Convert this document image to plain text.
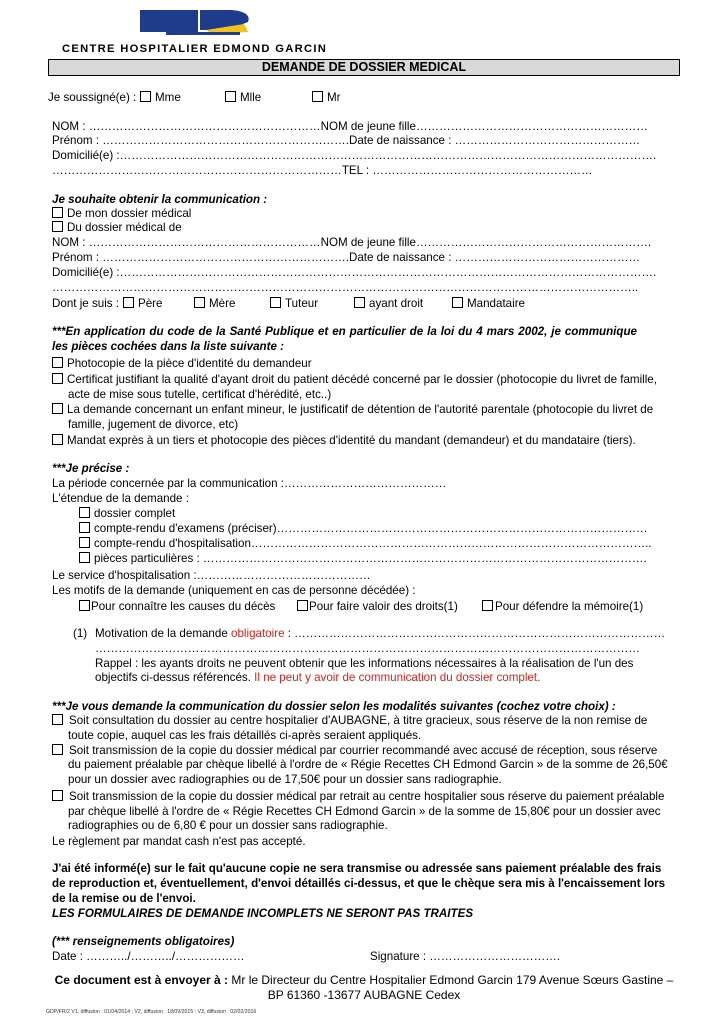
CENTRE HOSPITALIER EDMOND GARCIN
DEMANDE DE DOSSIER MEDICAL
Je soussigné(e) :	Mme	Mlle	Mr
NOM : ……………………………………………………NOM de jeune fille……………………………………………………
Prénom : ……………………………………………………….Date de naissance : …………………………………………
Domicilié(e) :………………………………………………………………………………………………………………………….
…………………………………………………………………TEL : …………………………………………………
Je souhaite obtenir la communication :
De mon dossier médical
Du dossier médical de
NOM : ……………………………………………………NOM de jeune fille…………………………………………………….
Prénom : ……………………………………………………….Date de naissance : …………………………………………
Domicilié(e) :………………………………………………………………………………………………………………………….
……………………………………………………………………………………………………………………………………..
Dont je suis :	Père	Mère	Tuteur	ayant droit	Mandataire
***En application du code de la Santé Publique et en particulier de la loi du 4 mars 2002, je communique les pièces cochées dans la liste suivante :
Photocopie de la pièce d'identité du demandeur
Certificat justifiant la qualité d'ayant droit du patient décédé concerné par le dossier (photocopie du livret de famille,
acte de mise sous tutelle, certificat d'hérédité, etc..)
La demande concernant un enfant mineur, le justificatif de détention de l'autorité parentale (photocopie du livret de
famille, jugement de divorce, etc)
Mandat exprès à un tiers et photocopie des pièces d'identité du mandant (demandeur) et du mandataire (tiers).
***Je précise :
La période concernée par la communication :……………………………………
L'étendue de la demande :
dossier complet
compte-rendu d'examens (préciser)……………………………………………………………………………………
compte-rendu d'hospitalisation…………………………………………………………………………………………..
pièces particulières : …………………………………………………………………………………………………….
Le service d'hospitalisation :………………………………………
Les motifs de la demande (uniquement en cas de personne décédée) :
Pour connaître les causes du décès	Pour faire valoir des droits(1)	Pour défendre la mémoire(1)
(1) Motivation de la demande obligatoire : ……………………………………………………………………………………
……………………………………………………………………………………………………………………………
Rappel : les ayants droits ne peuvent obtenir que les informations nécessaires à la réalisation de l'un des
objectifs ci-dessus référencés. Il ne peut y avoir de communication du dossier complet.
***Je vous demande la communication du dossier selon les modalités suivantes (cochez votre choix) :
Soit consultation du dossier au centre hospitalier d'AUBAGNE, à titre gracieux, sous réserve de la non remise de
toute copie, auquel cas les frais détaillés ci-après seraient appliqués.
Soit transmission de la copie du dossier médical par courrier recommandé avec accusé de réception, sous réserve
du paiement préalable par chèque libellé à l'ordre de « Régie Recettes CH Edmond Garcin » de la somme de 26,50€
pour un dossier avec radiographies ou de 17,50€ pour un dossier sans radiographie.
Soit transmission de la copie du dossier médical par retrait au centre hospitalier sous réserve du paiement préalable
par chèque libellé à l'ordre de « Régie Recettes CH Edmond Garcin » de la somme de 15,80€ pour un dossier avec
radiographies ou de 6,80 € pour un dossier sans radiographie.
Le règlement par mandat cash n'est pas accepté.
J'ai été informé(e) sur le fait qu'aucune copie ne sera transmise ou adressée sans paiement préalable des frais
de reproduction et, éventuellement, d'envoi détaillés ci-dessus, et que le chèque sera mis à l'encaissement lors
de la remise ou de l'envoi.
LES FORMULAIRES DE DEMANDE INCOMPLETS NE SERONT PAS TRAITES
(*** renseignements obligatoires)
Date : ………../………../………………	Signature : …………………………….
Ce document est à envoyer à : Mr le Directeur du Centre Hospitalier Edmond Garcin 179 Avenue Sœurs Gastine –
BP 61360 -13677 AUBAGNE Cedex
GDP/FR/2 V1, diffusion : 01/04/2014 ; V2, diffusion : 18/09/2015 ; V3, diffusion : 02/02/2016
